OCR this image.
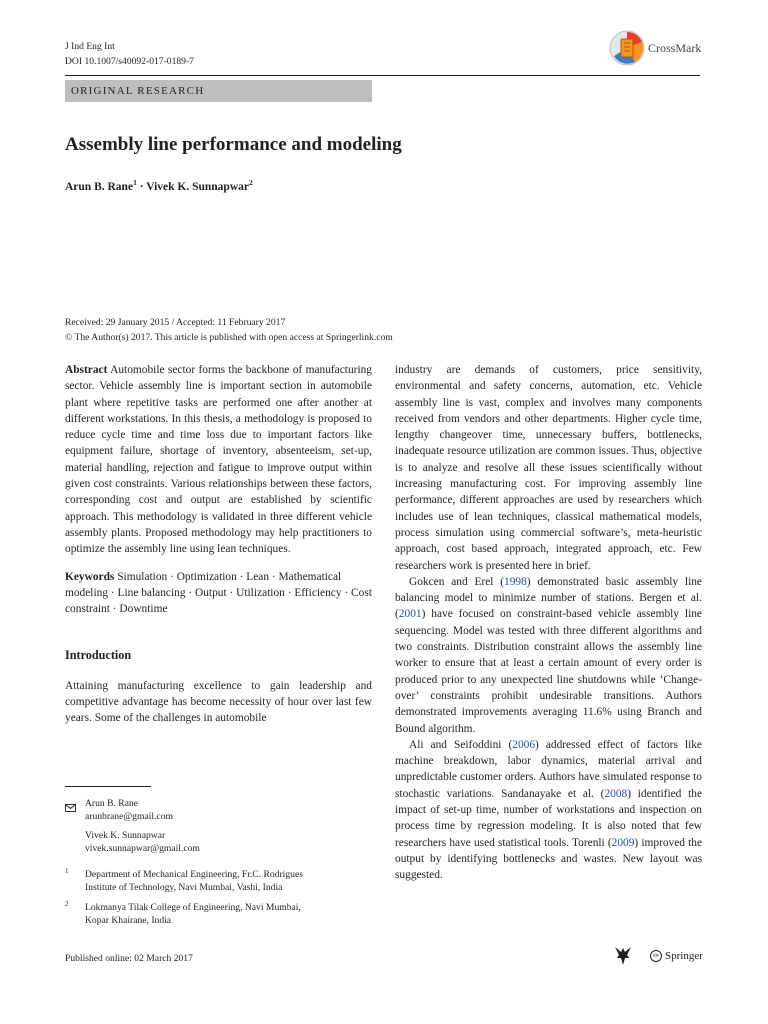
J Ind Eng Int
DOI 10.1007/s40092-017-0189-7
CrossMark
ORIGINAL RESEARCH
Assembly line performance and modeling
Arun B. Rane$^1$ · Vivek K. Sunnapwar$^2$
Received: 29 January 2015 / Accepted: 11 February 2017
© The Author(s) 2017. This article is published with open access at Springerlink.com

Abstract Automobile sector forms the backbone of manufacturing sector. Vehicle assembly line is important section in automobile plant where repetitive tasks are performed one after another at different workstations. In this thesis, a methodology is proposed to reduce cycle time and time loss due to important factors like equipment failure, shortage of inventory, absenteeism, set-up, material handling, rejection and fatigue to improve output within given cost constraints. Various relationships between these factors, corresponding cost and output are established by scientific approach. This methodology is validated in three different vehicle assembly plants. Proposed methodology may help practitioners to optimize the assembly line using lean techniques.

Keywords Simulation · Optimization · Lean · Mathematical modeling · Line balancing · Output · Utilization · Efficiency · Cost constraint · Downtime

Introduction

Attaining manufacturing excellence to gain leadership and competitive advantage has become necessity of hour over last few years. Some of the challenges in automobile

industry are demands of customers, price sensitivity, environmental and safety concerns, automation, etc. Vehicle assembly line is vast, complex and involves many components received from vendors and other departments. Higher cycle time, lengthy changeover time, unnecessary buffers, bottlenecks, inadequate resource utilization are common issues. Thus, objective is to analyze and resolve all these issues scientifically without increasing manufacturing cost. For improving assembly line performance, different approaches are used by researchers which includes use of lean techniques, classical mathematical models, process simulation using commercial software’s, meta-heuristic approach, cost based approach, integrated approach, etc. Few researchers work is presented here in brief.

Gokcen and Erel (1998) demonstrated basic assembly line balancing model to minimize number of stations. Bergen et al. (2001) have focused on constraint-based vehicle assembly line sequencing. Model was tested with three different algorithms and two constraints. Distribution constraint allows the assembly line worker to ensure that at least a certain amount of every order is produced prior to any unexpected line shutdowns while ‘Change-over’ constraints prohibit undesirable transitions. Authors demonstrated improvements averaging 11.6% using Branch and Bound algorithm.

Ali and Seifoddini (2006) addressed effect of factors like machine breakdown, labor dynamics, material arrival and unpredictable customer orders. Authors have simulated response to stochastic variations. Sandanayake et al. (2008) identified the impact of set-up time, number of workstations and inspection on process time by regression modeling. It is also noted that few researchers have used statistical tools. Torenli (2009) improved the output by identifying bottlenecks and wastes. New layout was suggested.

Arun B. Rane
arunbrane@gmail.com
Vivek K. Sunnapwar
vivek.sunnapwar@gmail.com
1 Department of Mechanical Engineering, Fr.C. Rodrigues
Institute of Technology, Navi Mumbai, Vashi, India
2 Lokmanya Tilak College of Engineering, Navi Mumbai,
Kopar Khairane, India
Published online: 02 March 2017	✑ Springer
